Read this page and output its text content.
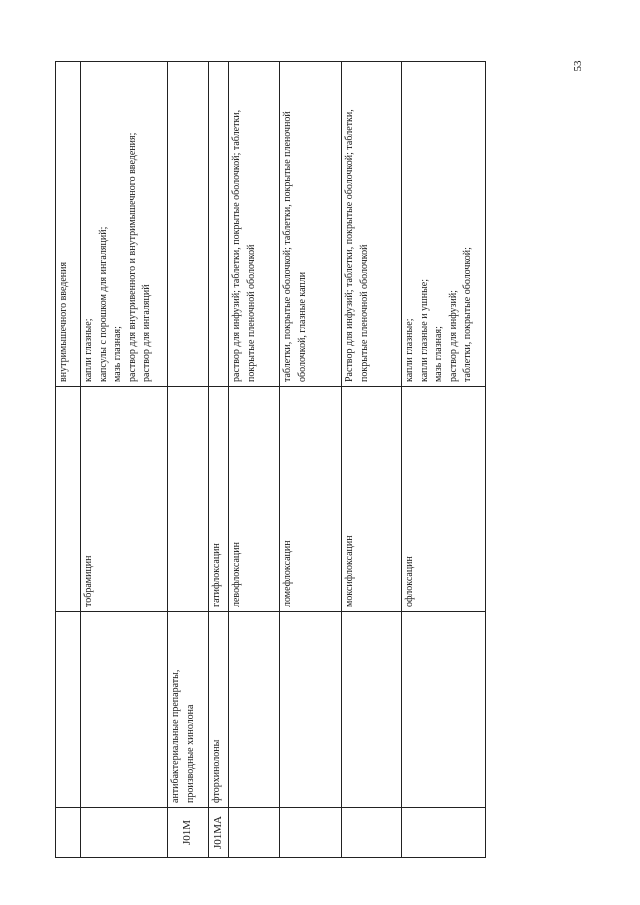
53

			внутримышечного введения

		тобрамицин	капли глазные; капсулы с порошком для ингаляций; мазь глазная; раствор для внутривенного и внутримышечного введения; раствор для ингаляций

J01M	антибактериальные препараты, производные хинолона		
J01MA	фторхинолоны	гатифлоксацин	
		левофлоксацин	раствор для инфузий; таблетки, покрытые оболочкой; таблетки, покрытые пленочной оболочкой

		ломефлоксацин	таблетки, покрытые оболочкой; таблетки, покрытые пленочной оболочкой, глазные капли

		моксифлоксацин	Раствор для инфузий; таблетки, покрытые оболочкой; таблетки, покрытые пленочной оболочкой

		офлоксацин	капли глазные; капли глазные и ушные; мазь глазная; раствор для инфузий; таблетки, покрытые оболочкой;
